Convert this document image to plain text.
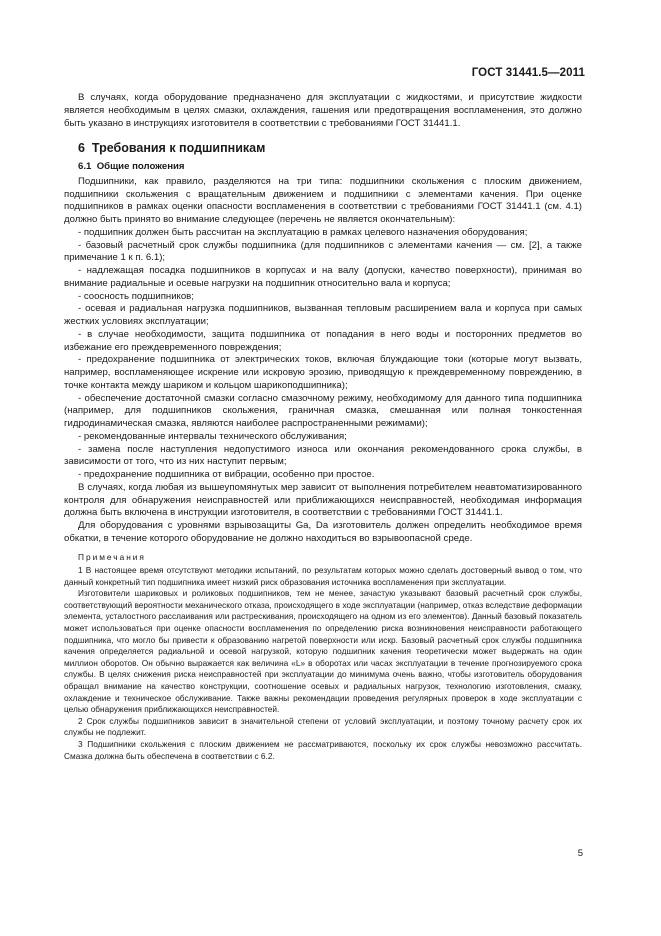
ГОСТ 31441.5—2011

В случаях, когда оборудование предназначено для эксплуатации с жидкостями, и присутствие жидкости является необходимым в целях смазки, охлаждения, гашения или предотвращения воспламенения, это должно быть указано в инструкциях изготовителя в соответствии с требованиями ГОСТ 31441.1.

6 Требования к подшипникам
6.1 Общие положения

Подшипники, как правило, разделяются на три типа: подшипники скольжения с плоским движением, подшипники скольжения с вращательным движением и подшипники с элементами качения. При оценке подшипников в рамках оценки опасности воспламенения в соответствии с требованиями ГОСТ 31441.1 (см. 4.1) должно быть принято во внимание следующее (перечень не является окончательным):

- подшипник должен быть рассчитан на эксплуатацию в рамках целевого назначения оборудования;

- базовый расчетный срок службы подшипника (для подшипников с элементами качения — см. [2], а также примечание 1 к п. 6.1);

- надлежащая посадка подшипников в корпусах и на валу (допуски, качество поверхности), принимая во внимание радиальные и осевые нагрузки на подшипник относительно вала и корпуса;

- соосность подшипников;

- осевая и радиальная нагрузка подшипников, вызванная тепловым расширением вала и корпуса при самых жестких условиях эксплуатации;

- в случае необходимости, защита подшипника от попадания в него воды и посторонних предметов во избежание его преждевременного повреждения;

- предохранение подшипника от электрических токов, включая блуждающие токи (которые могут вызвать, например, воспламеняющее искрение или искровую эрозию, приводящую к преждевременному повреждению, в точке контакта между шариком и кольцом шарикоподшипника);

- обеспечение достаточной смазки согласно смазочному режиму, необходимому для данного типа подшипника (например, для подшипников скольжения, граничная смазка, смешанная или полная тонкостенная гидродинамическая смазка, являются наиболее распространенными режимами);

- рекомендованные интервалы технического обслуживания;

- замена после наступления недопустимого износа или окончания рекомендованного срока службы, в зависимости от того, что из них наступит первым;

- предохранение подшипника от вибрации, особенно при простое.

В случаях, когда любая из вышеупомянутых мер зависит от выполнения потребителем неавтоматизированного контроля для обнаружения неисправностей или приближающихся неисправностей, необходимая информация должна быть включена в инструкции изготовителя, в соответствии с требованиями ГОСТ 31441.1.

Для оборудования с уровнями взрывозащиты Ga, Da изготовитель должен определить необходимое время обкатки, в течение которого оборудование не должно находиться во взрывоопасной среде.

Примечания

1 В настоящее время отсутствуют методики испытаний, по результатам которых можно сделать достоверный вывод о том, что данный конкретный тип подшипника имеет низкий риск образования источника воспламенения при эксплуатации.

Изготовители шариковых и роликовых подшипников, тем не менее, зачастую указывают базовый расчетный срок службы, соответствующий вероятности механического отказа, происходящего в ходе эксплуатации (например, отказ вследствие деформации элемента, усталостного расслаивания или растрескивания, происходящего на одном из его элементов). Данный базовый показатель может использоваться при оценке опасности воспламенения по определению риска возникновения неисправности работающего подшипника, что могло бы привести к образованию нагретой поверхности или искр. Базовый расчетный срок службы подшипника качения определяется радиальной и осевой нагрузкой, которую подшипник качения теоретически может выдержать на один миллион оборотов. Он обычно выражается как величина «L» в оборотах или часах эксплуатации в течение прогнозируемого срока службы. В целях снижения риска неисправностей при эксплуатации до минимума очень важно, чтобы изготовитель оборудования обращал внимание на качество конструкции, соотношение осевых и радиальных нагрузок, технологию изготовления, смазку, охлаждение и техническое обслуживание. Также важны рекомендации проведения регулярных проверок в ходе эксплуатации с целью обнаружения приближающихся неисправностей.

2 Срок службы подшипников зависит в значительной степени от условий эксплуатации, и поэтому точному расчету срок их службы не подлежит.

3 Подшипники скольжения с плоским движением не рассматриваются, поскольку их срок службы невозможно рассчитать. Смазка должна быть обеспечена в соответствии с 6.2.

5
